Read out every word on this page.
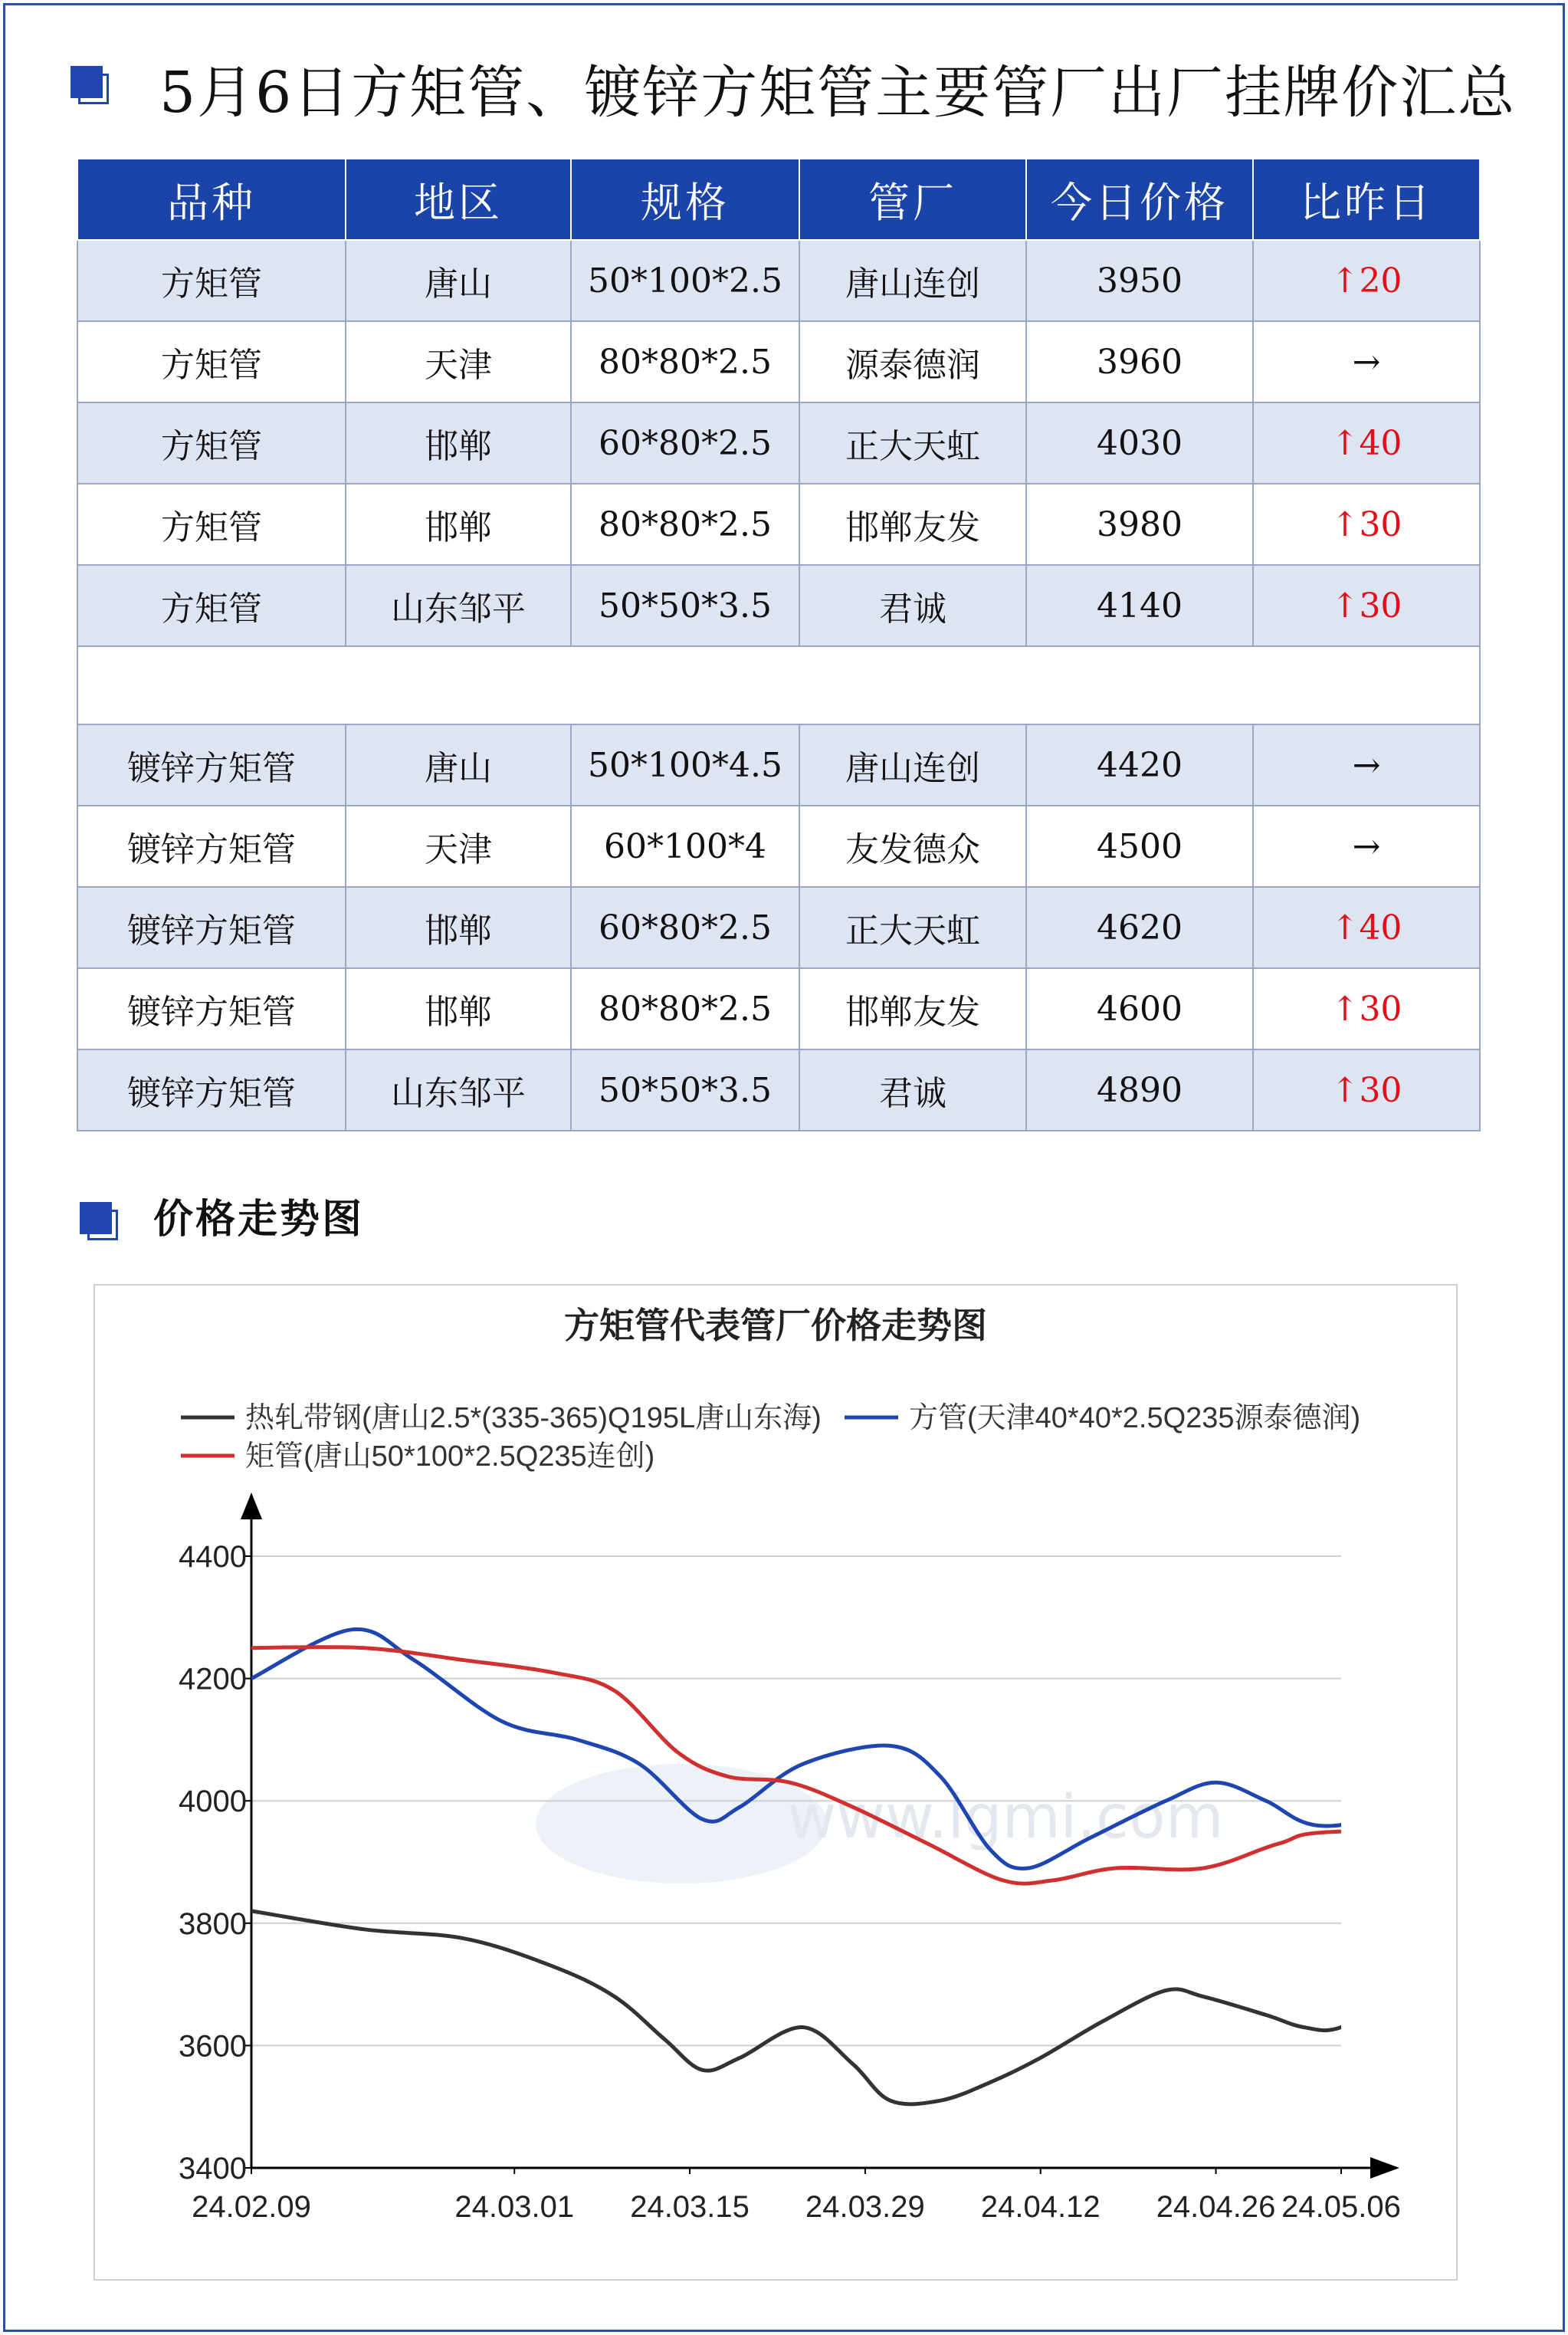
5月6日方矩管、镀锌方矩管主要管厂出厂挂牌价汇总
品种	地区	规格	管厂	今日价格	比昨日
方矩管	唐山	50*100*2.5	唐山连创	3950	↑20
方矩管	天津	80*80*2.5	源泰德润	3960	→
方矩管	邯郸	60*80*2.5	正大天虹	4030	↑40
方矩管	邯郸	80*80*2.5	邯郸友发	3980	↑30
方矩管	山东邹平	50*50*3.5	君诚	4140	↑30

镀锌方矩管	唐山	50*100*4.5	唐山连创	4420	→
镀锌方矩管	天津	60*100*4	友发德众	4500	→
镀锌方矩管	邯郸	60*80*2.5	正大天虹	4620	↑40
镀锌方矩管	邯郸	80*80*2.5	邯郸友发	4600	↑30
镀锌方矩管	山东邹平	50*50*3.5	君诚	4890	↑30
价格走势图
方矩管代表管厂价格走势图
热轧带钢(唐山2.5*(335-365)Q195L唐山东海)	方管(天津40*40*2.5Q235源泰德润)
矩管(唐山50*100*2.5Q235连创)
www.lgmi.com
3400
3600
3800
4000
4200
4400
24.02.09	24.03.01 24.03.15 24.03.29 24.04.12 24.04.26 24.05.06
